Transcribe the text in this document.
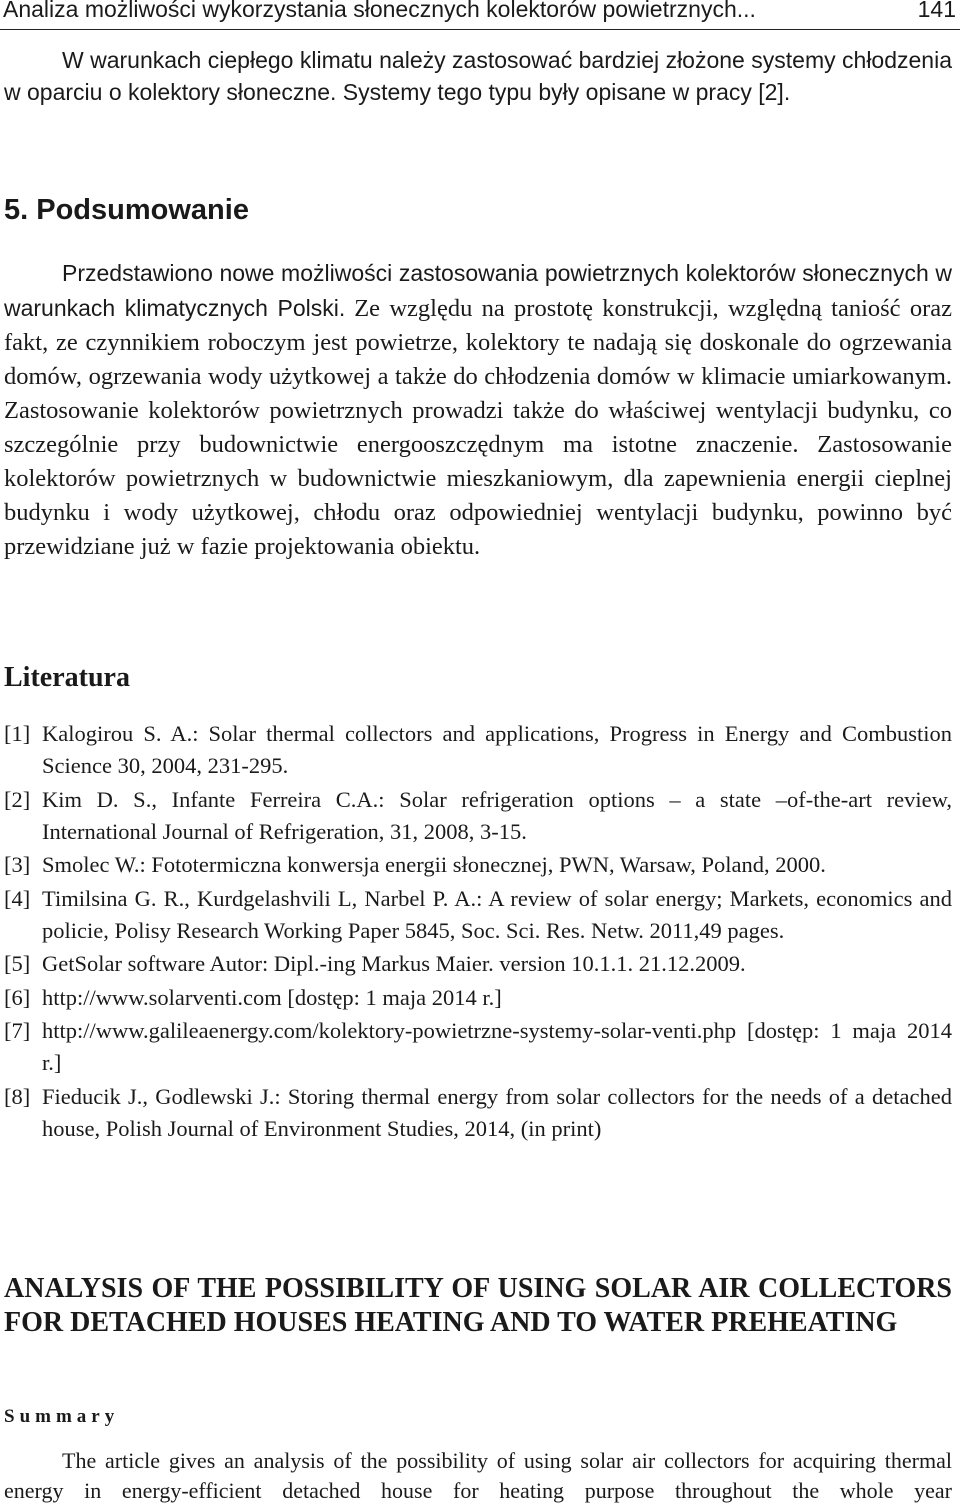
Analiza możliwości wykorzystania słonecznych kolektorów powietrznych...	141

W warunkach ciepłego klimatu należy zastosować bardziej złożone systemy chłodzenia w oparciu o kolektory słoneczne. Systemy tego typu były opisane w pracy [2].

5. Podsumowanie

Przedstawiono nowe możliwości zastosowania powietrznych kolektorów słonecznych w warunkach klimatycznych Polski. Ze względu na prostotę konstrukcji, względną taniość oraz fakt, ze czynnikiem roboczym jest powietrze, kolektory te nadają się doskonale do ogrzewania domów, ogrzewania wody użytkowej a także do chłodzenia domów w klimacie umiarkowanym. Zastosowanie kolektorów powietrznych prowadzi także do właściwej wentylacji budynku, co szczególnie przy budownictwie energooszczędnym ma istotne znaczenie. Zastosowanie kolektorów powietrznych w budownictwie mieszkaniowym, dla zapewnienia energii cieplnej budynku i wody użytkowej, chłodu oraz odpowiedniej wentylacji budynku, powinno być przewidziane już w fazie projektowania obiektu.

Literatura
[1] Kalogirou S. A.: Solar thermal collectors and applications, Progress in Energy and Combustion Science 30, 2004, 231-295.
[2] Kim D. S., Infante Ferreira C.A.: Solar refrigeration options – a state –of-the-art review, International Journal of Refrigeration, 31, 2008, 3-15.
[3] Smolec W.: Fototermiczna konwersja energii słonecznej, PWN, Warsaw, Poland, 2000.
[4] Timilsina G. R., Kurdgelashvili L, Narbel P. A.: A review of solar energy; Markets, economics and policie, Polisy Research Working Paper 5845, Soc. Sci. Res. Netw. 2011,49 pages.
[5] GetSolar software Autor: Dipl.-ing Markus Maier. version 10.1.1. 21.12.2009.
[6] http://www.solarventi.com [dostęp: 1 maja 2014 r.]
[7] http://www.galileaenergy.com/kolektory-powietrzne-systemy-solar-venti.php [dostęp: 1 maja 2014 r.]
[8] Fieducik J., Godlewski J.: Storing thermal energy from solar collectors for the needs of a detached house, Polish Journal of Environment Studies, 2014, (in print)
ANALYSIS OF THE POSSIBILITY OF USING SOLAR AIR COLLECTORS FOR DETACHED HOUSES HEATING AND TO WATER PREHEATING
Summary

The article gives an analysis of the possibility of using solar air collectors for acquiring thermal energy in energy-efficient detached house for heating purpose throughout the whole year
